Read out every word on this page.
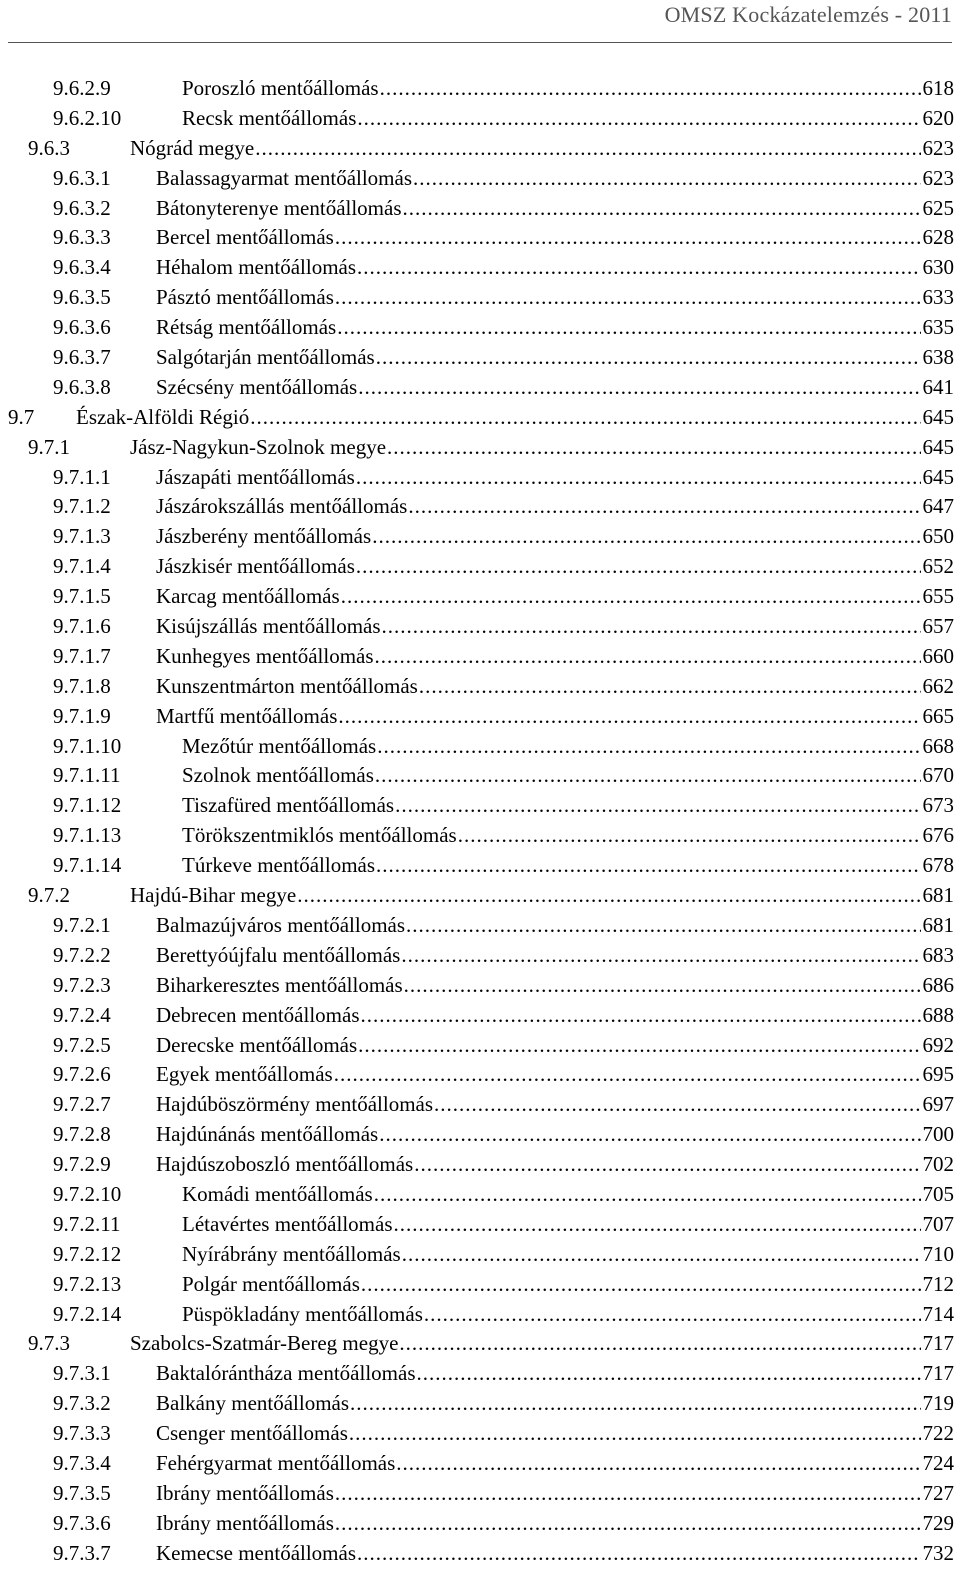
OMSZ Kockázatelemzés - 2011
9.6.2.9	Poroszló mentőállomás .....	618
9.6.2.10	Recsk mentőállomás .....	620
9.6.3	Nógrád megye .....	623
9.6.3.1 Balassagyarmat mentőállomás .....	623
9.6.3.2 Bátonyterenye mentőállomás .....	625
9.6.3.3 Bercel mentőállomás .....	628
9.6.3.4 Héhalom mentőállomás .....	630
9.6.3.5 Pásztó mentőállomás .....	633
9.6.3.6 Rétság mentőállomás .....	635
9.6.3.7 Salgótarján mentőállomás .....	638
9.6.3.8 Szécsény mentőállomás .....	641
9.7 Észak-Alföldi Régió .....	645
9.7.1	Jász-Nagykun-Szolnok megye .....	645
9.7.1.1 Jászapáti mentőállomás .....	645
9.7.1.2 Jászárokszállás mentőállomás .....	647
9.7.1.3 Jászberény mentőállomás .....	650
9.7.1.4 Jászkisér mentőállomás .....	652
9.7.1.5 Karcag mentőállomás .....	655
9.7.1.6 Kisújszállás mentőállomás .....	657
9.7.1.7 Kunhegyes mentőállomás .....	660
9.7.1.8 Kunszentmárton mentőállomás .....	662
9.7.1.9 Martfű mentőállomás .....	665
9.7.1.10	Mezőtúr mentőállomás .....	668
9.7.1.11	Szolnok mentőállomás .....	670
9.7.1.12	Tiszafüred mentőállomás .....	673
9.7.1.13	Törökszentmiklós mentőállomás .....	676
9.7.1.14	Túrkeve mentőállomás .....	678
9.7.2	Hajdú-Bihar megye .....	681
9.7.2.1 Balmazújváros mentőállomás .....	681
9.7.2.2 Berettyóújfalu mentőállomás .....	683
9.7.2.3 Biharkeresztes mentőállomás .....	686
9.7.2.4 Debrecen mentőállomás .....	688
9.7.2.5 Derecske mentőállomás .....	692
9.7.2.6 Egyek mentőállomás .....	695
9.7.2.7 Hajdúböszörmény mentőállomás .....	697
9.7.2.8 Hajdúnánás mentőállomás .....	700
9.7.2.9 Hajdúszoboszló mentőállomás .....	702
9.7.2.10	Komádi mentőállomás .....	705
9.7.2.11	Létavértes mentőállomás .....	707
9.7.2.12	Nyírábrány mentőállomás .....	710
9.7.2.13	Polgár mentőállomás .....	712
9.7.2.14	Püspökladány mentőállomás .....	714
9.7.3	Szabolcs-Szatmár-Bereg megye .....	717
9.7.3.1 Baktalórántháza mentőállomás .....	717
9.7.3.2 Balkány mentőállomás .....	719
9.7.3.3 Csenger mentőállomás .....	722
9.7.3.4 Fehérgyarmat mentőállomás .....	724
9.7.3.5 Ibrány mentőállomás .....	727
9.7.3.6 Ibrány mentőállomás .....	729
9.7.3.7 Kemecse mentőállomás .....	732
